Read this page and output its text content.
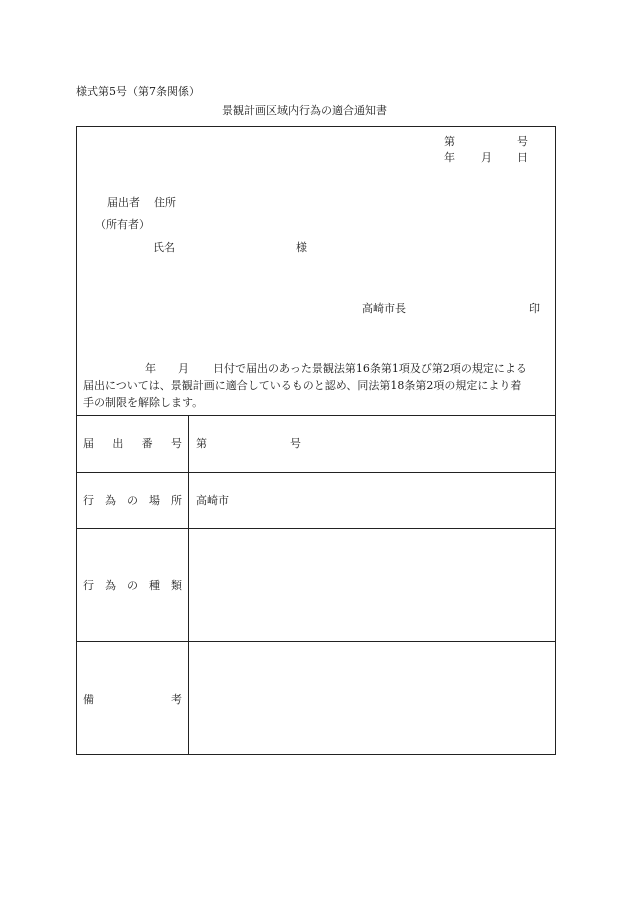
様式第5号（第7条関係）
景観計画区域内行為の適合通知書
第	号
年 月 日
届出者 住所
（所有者）
氏名	様
高崎市長	印
年 月 日付で届出のあった景観法第16条第1項及び第2項の規定による
届出については、景観計画に適合しているものと認め、同法第18条第2項の規定により着
手の制限を解除します。
届 出 番 号 第	号
行 為 の 場 所 高崎市
行 為 の 種 類
備	考
